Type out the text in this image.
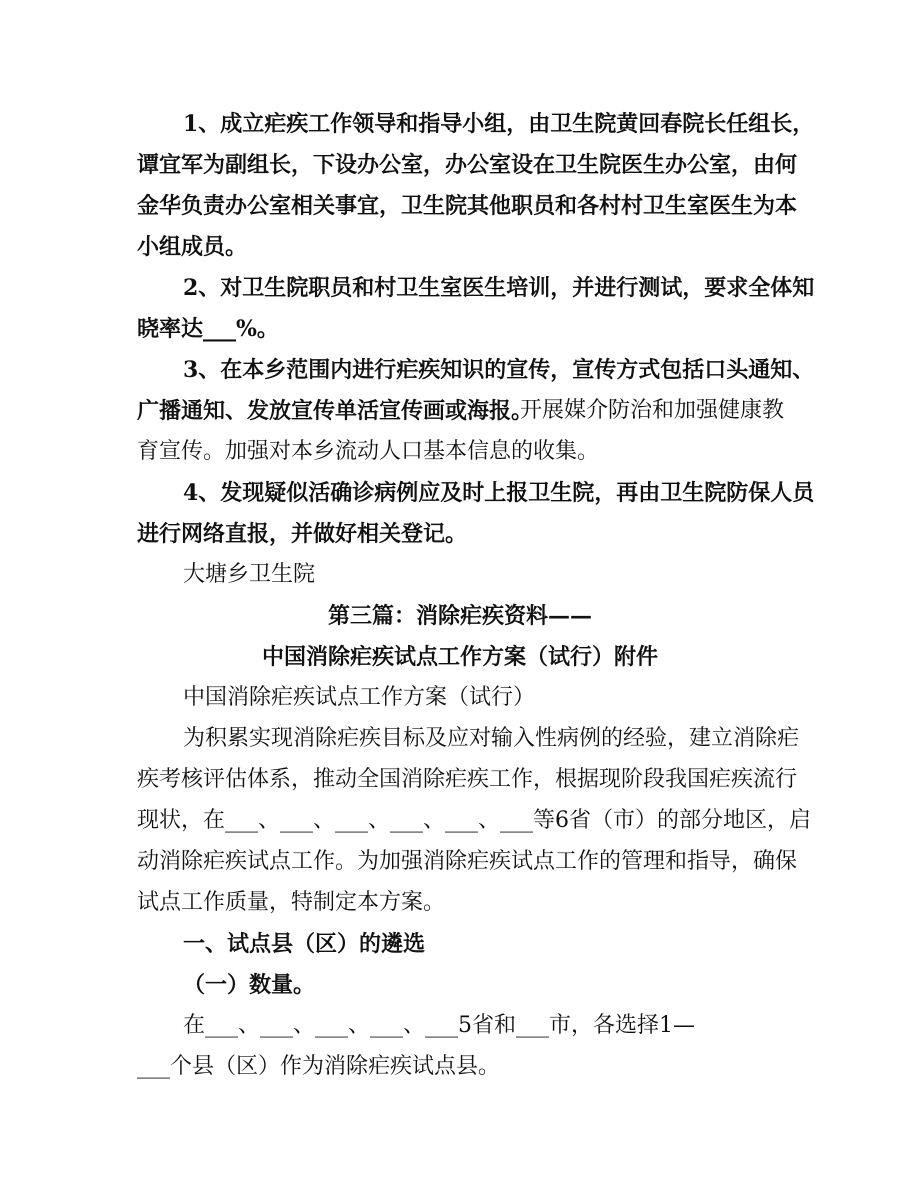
1、成立疟疾工作领导和指导小组，由卫生院黄回春院长任组长，
谭宜军为副组长，下设办公室，办公室设在卫生院医生办公室，由何
金华负责办公室相关事宜，卫生院其他职员和各村村卫生室医生为本
小组成员。
2、对卫生院职员和村卫生室医生培训，并进行测试，要求全体知
晓率达___%。
3、在本乡范围内进行疟疾知识的宣传，宣传方式包括口头通知、
广播通知、发放宣传单活宣传画或海报。
开展媒介防治和加强健康教
育宣传。加强对本乡流动人口基本信息的收集。
4、发现疑似活确诊病例应及时上报卫生院，再由卫生院防保人员
进行网络直报，并做好相关登记。
大塘乡卫生院
第三篇：消除疟疾资料——
中国消除疟疾试点工作方案（试行）附件
中国消除疟疾试点工作方案（试行）
为积累实现消除疟疾目标及应对输入性病例的经验，建立消除疟
疾考核评估体系，推动全国消除疟疾工作，根据现阶段我国疟疾流行
现状，在___、___、___、___、___、___等6省（市）的部分地区，启
动消除疟疾试点工作。为加强消除疟疾试点工作的管理和指导，确保
试点工作质量，特制定本方案。
一、试点县（区）的遴选
（一）数量。
在___、___、___、___、___5省和___市，各选择1—
___个县（区）作为消除疟疾试点县。
